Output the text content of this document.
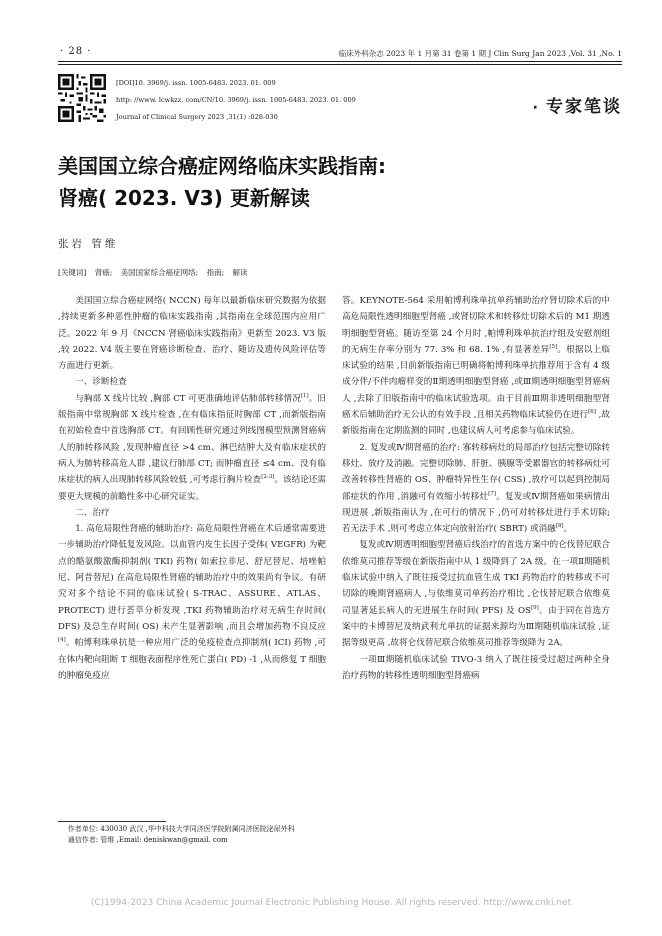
· 28 ·	临床外科杂志 2023 年 1 月第 31 卷第 1 期 J Clin Surg Jan 2023 ,Vol. 31 ,No. 1
[DOI]10. 3969/j. issn. 1005-6483. 2023. 01. 009
http: //www. lcwkzz. com/CN/10. 3969/j. issn. 1005-6483. 2023. 01. 009
Journal of Clinical Surgery 2023 ,31(1) :028-030
· 专家笔谈
美国国立综合癌症网络临床实践指南:
肾癌( 2023. V3) 更新解读
张岩 管维
[关键词] 肾癌; 美国国家综合癌症网络; 指南; 解读

美国国立综合癌症网络( NCCN) 每年以最新临床研究数据为依据 ,持续更新多种恶性肿瘤的临床实践指南 ,其指南在全球范围内应用广泛。2022 年 9 月《NCCN 肾癌临床实践指南》更新至 2023. V3 版 ,较 2022. V4 版主要在肾癌诊断检查、治疗、随访及遗传风险评估等方面进行更新。

一、诊断检查

与胸部 X 线片比较 ,胸部 CT 可更准确地评估肺部转移情况[1]。旧版指南中常规胸部 X 线片检查 ,在有临床指征时胸部 CT ,而新版指南在初始检查中首选胸部 CT。有回顾性研究通过列线图模型预测肾癌病人的肺转移风险 ,发现肿瘤直径 >4 cm、淋巴结肿大及有临床症状的病人为肺转移高危人群 ,建议行肺部 CT; 而肿瘤直径 ≤4 cm、没有临床症状的病人出现肺转移风险较低 ,可考虑行胸片检查[2-3]。该结论还需要更大规模的前瞻性多中心研究证实。

二、治疗

1. 高危局限性肾癌的辅助治疗: 高危局限性肾癌在术后通常需要进一步辅助治疗降低复发风险。以血管内皮生长因子受体( VEGFR) 为靶点的酪氨酸激酶抑制剂( TKI) 药物( 如索拉非尼、舒尼替尼、培唑帕尼、阿昔替尼) 在高危局限性肾癌的辅助治疗中的效果尚有争议。有研究对多个结论不同的临床试验( S-TRAC、ASSURE、ATLAS、PROTECT) 进行荟萃分析发现 ,TKI 药物辅助治疗对无病生存时间( DFS) 及总生存时间( OS) 未产生显著影响 ,而且会增加药物不良反应[4]。帕博利珠单抗是一种应用广泛的免疫检查点抑制剂( ICI) 药物 ,可在体内靶向阻断 T 细胞表面程序性死亡蛋白( PD) -1 ,从而修复 T 细胞的肿瘤免疫应

答。KEYNOTE-564 采用帕博利珠单抗单药辅助治疗肾切除术后的中高危局限性透明细胞型肾癌 ,或肾切除术和转移灶切除术后的 M1 期透明细胞型肾癌。随访至第 24 个月时 ,帕博利珠单抗治疗组及安慰剂组的无病生存率分别为 77. 3% 和 68. 1% ,有显著差异[5]。根据以上临床试验的结果 ,目前新版指南已明确将帕博利珠单抗推荐用于含有 4 级成分伴/不伴肉瘤样变的Ⅱ期透明细胞型肾癌 ,或Ⅲ期透明细胞型肾癌病人 ,去除了旧版指南中的临床试验选项。由于目前Ⅲ期非透明细胞型肾癌术后辅助治疗无公认的有效手段 ,且相关药物临床试验仍在进行[6] ,故新版指南在定期监测的同时 ,也建议病人可考虑参与临床试验。

2. 复发或Ⅳ期肾癌的治疗: 寡转移病灶的局部治疗包括完整切除转移灶、放疗及消融。完整切除肺、肝脏、胰腺等受累器官的转移病灶可改善转移性肾癌的 OS、肿瘤特异性生存( CSS) ,放疗可以起到控制局部症状的作用 ,消融可有效缩小转移灶[7]。复发或Ⅳ期肾癌如果病情出现进展 ,新版指南认为 ,在可行的情况下 ,仍可对转移灶进行手术切除; 若无法手术 ,则可考虑立体定向放射治疗( SBRT) 或消融[8]。

复发或Ⅳ期透明细胞型肾癌后线治疗的首选方案中的仑伐替尼联合依维莫司推荐等级在新版指南中从 1 级降到了 2A 级。在一项Ⅱ期随机临床试验中纳入了既往接受过抗血管生成 TKI 药物治疗的转移或不可切除的晚期肾癌病人 ,与依维莫司单药治疗相比 ,仑伐替尼联合依维莫司显著延长病人的无进展生存时间( PFS) 及 OS[9]。由于同在首选方案中的卡博替尼及纳武利尤单抗的证据来源均为Ⅲ期随机临床试验 ,证据等级更高 ,故将仑伐替尼联合依维莫司推荐等级降为 2A。

一项Ⅲ期随机临床试验 TIVO-3 纳入了既往接受过超过两种全身治疗药物的转移性透明细胞型肾癌病

作者单位: 430030 武汉 ,华中科技大学同济医学院附属同济医院泌尿外科
通信作者: 管维 ,Email: deniskwan@gmail. com
(C)1994-2023 China Academic Journal Electronic Publishing House. All rights reserved. http://www.cnki.net
